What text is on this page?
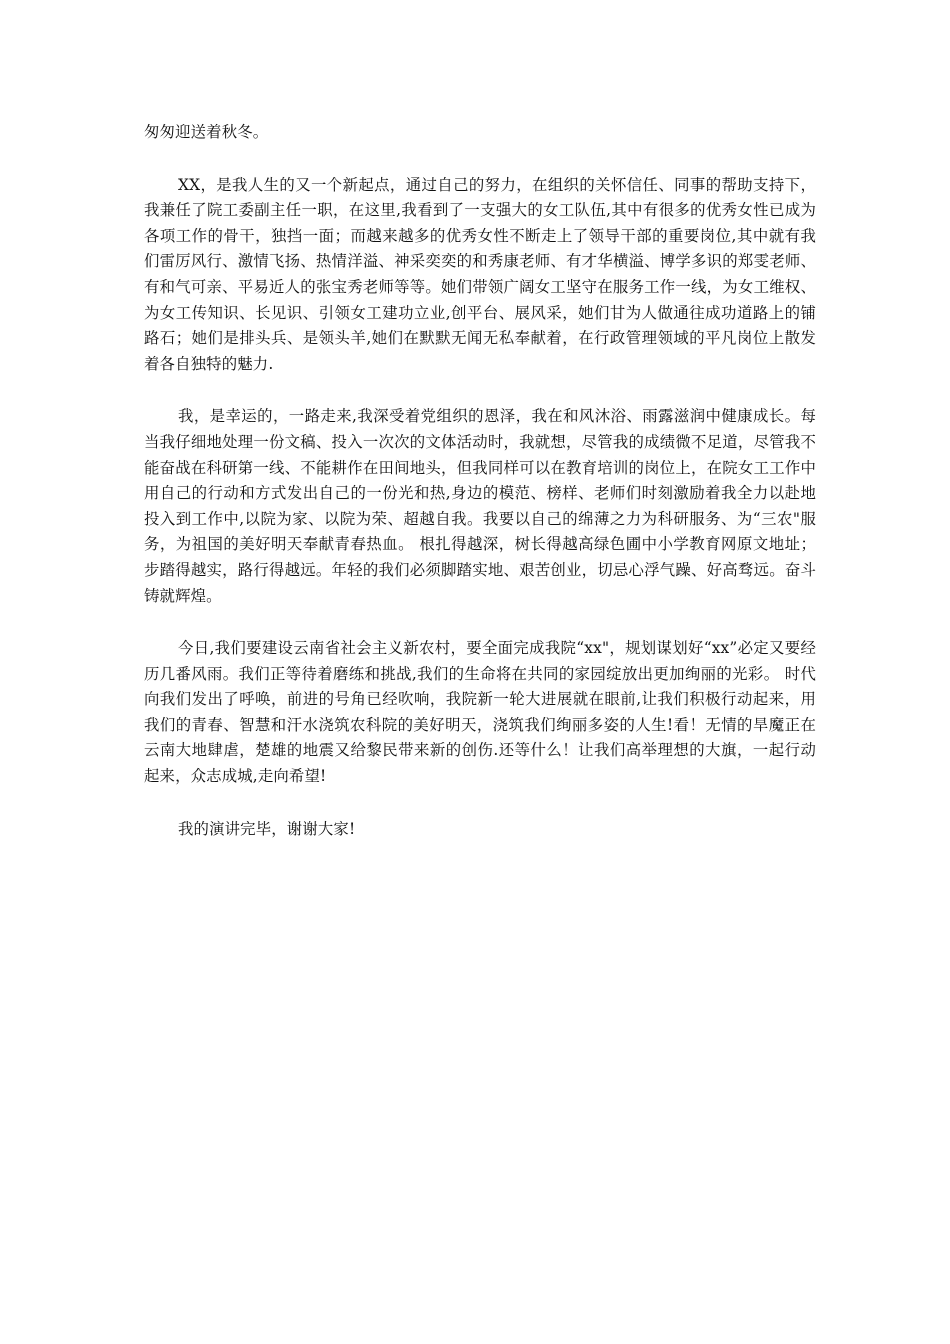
匆匆迎送着秋冬。

XX，是我人生的又一个新起点，通过自己的努力，在组织的关怀信任、同事的帮助支持下，我兼任了院工委副主任一职，在这里,我看到了一支强大的女工队伍,其中有很多的优秀女性已成为各项工作的骨干，独挡一面；而越来越多的优秀女性不断走上了领导干部的重要岗位,其中就有我们雷厉风行、激情飞扬、热情洋溢、神采奕奕的和秀康老师、有才华横溢、博学多识的郑雯老师、有和气可亲、平易近人的张宝秀老师等等。她们带领广阔女工坚守在服务工作一线，为女工维权、为女工传知识、长见识、引领女工建功立业,创平台、展风采，她们甘为人做通往成功道路上的铺路石；她们是排头兵、是领头羊,她们在默默无闻无私奉献着，在行政管理领域的平凡岗位上散发着各自独特的魅力.

我，是幸运的，一路走来,我深受着党组织的恩泽，我在和风沐浴、雨露滋润中健康成长。每当我仔细地处理一份文稿、投入一次次的文体活动时，我就想，尽管我的成绩微不足道，尽管我不能奋战在科研第一线、不能耕作在田间地头，但我同样可以在教育培训的岗位上，在院女工工作中用自己的行动和方式发出自己的一份光和热,身边的模范、榜样、老师们时刻激励着我全力以赴地投入到工作中,以院为家、以院为荣、超越自我。我要以自己的绵薄之力为科研服务、为“三农"服务，为祖国的美好明天奉献青春热血。 根扎得越深，树长得越高绿色圃中小学教育网原文地址；步踏得越实，路行得越远。年轻的我们必须脚踏实地、艰苦创业，切忌心浮气躁、好高骛远。奋斗铸就辉煌。

今日,我们要建设云南省社会主义新农村，要全面完成我院“xx"，规划谋划好“xx”必定又要经历几番风雨。我们正等待着磨练和挑战,我们的生命将在共同的家园绽放出更加绚丽的光彩。 时代向我们发出了呼唤，前进的号角已经吹响，我院新一轮大进展就在眼前,让我们积极行动起来，用我们的青春、智慧和汗水浇筑农科院的美好明天，浇筑我们绚丽多姿的人生!看！无情的旱魔正在云南大地肆虐，楚雄的地震又给黎民带来新的创伤.还等什么！让我们高举理想的大旗，一起行动起来，众志成城,走向希望!

我的演讲完毕，谢谢大家!
